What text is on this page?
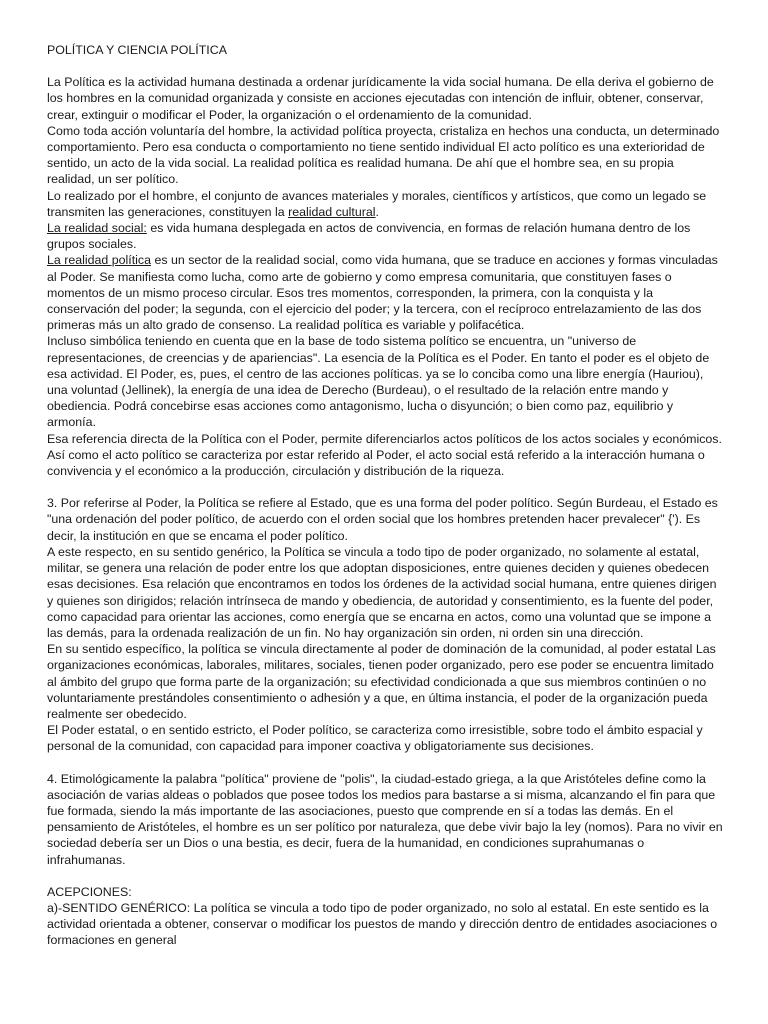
POLÍTICA Y CIENCIA POLÍTICA

La Política es la actividad humana destinada a ordenar jurídicamente la vida social humana. De ella deriva el gobierno de los hombres en la comunidad organizada y consiste en acciones ejecutadas con intención de influir, obtener, conservar, crear, extinguir o modificar el Poder, la organización o el ordenamiento de la comunidad.

Como toda acción voluntaría del hombre, la actividad política proyecta, cristaliza en hechos una conducta, un determinado comportamiento. Pero esa conducta o comportamiento no tiene sentido individual El acto político es una exterioridad de sentido, un acto de la vida social. La realidad política es realidad humana. De ahí que el hombre sea, en su propia realidad, un ser político.

Lo realizado por el hombre, el conjunto de avances materiales y morales, científicos y artísticos, que como un legado se transmiten las generaciones, constituyen la realidad cultural.

La realidad social: es vida humana desplegada en actos de convivencia, en formas de relación humana dentro de los grupos sociales.

La realidad política es un sector de la realidad social, como vida humana, que se traduce en acciones y formas vinculadas al Poder. Se manifiesta como lucha, como arte de gobierno y como empresa comunitaria, que constituyen fases o momentos de un mismo proceso circular. Esos tres momentos, corresponden, la primera, con la conquista y la conservación del poder; la segunda, con el ejercicio del poder; y la tercera, con el recíproco entrelazamiento de las dos primeras más un alto grado de consenso. La realidad política es variable y polifacética.

Incluso simbólica teniendo en cuenta que en la base de todo sistema político se encuentra, un "universo de representaciones, de creencias y de apariencias". La esencia de la Política es el Poder. En tanto el poder es el objeto de esa actividad. El Poder, es, pues, el centro de las acciones políticas. ya se lo conciba como una libre energía (Hauriou), una voluntad (Jellinek), la energía de una idea de Derecho (Burdeau), o el resultado de la relación entre mando y obediencia. Podrá concebirse esas acciones como antagonismo, lucha o disyunción; o bien como paz, equilibrio y armonía.

Esa referencia directa de la Política con el Poder, permite diferenciarlos actos políticos de los actos sociales y económicos. Así como el acto político se caracteriza por estar referido al Poder, el acto social está referido a la interacción humana o convivencia y el económico a la producción, circulación y distribución de la riqueza.

3. Por referirse al Poder, la Política se refiere al Estado, que es una forma del poder político. Según Burdeau, el Estado es "una ordenación del poder político, de acuerdo con el orden social que los hombres pretenden hacer prevalecer" {'). Es decir, la institución en que se encama el poder político.

A este respecto, en su sentido genérico, la Política se vincula a todo tipo de poder organizado, no solamente al estatal, militar, se genera una relación de poder entre los que adoptan disposiciones, entre quienes deciden y quienes obedecen esas decisiones. Esa relación que encontramos en todos los órdenes de la actividad social humana, entre quienes dirigen y quienes son dirigidos; relación intrínseca de mando y obediencia, de autoridad y consentimiento, es la fuente del poder, como capacidad para orientar las acciones, como energía que se encarna en actos, como una voluntad que se impone a las demás, para la ordenada realización de un fin. No hay organización sin orden, ni orden sin una dirección.

En su sentido específico, la política se vincula directamente al poder de dominación de la comunidad, al poder estatal Las organizaciones económicas, laborales, militares, sociales, tienen poder organizado, pero ese poder se encuentra limitado al ámbito del grupo que forma parte de la organización; su efectividad condicionada a que sus miembros continúen o no voluntariamente prestándoles consentimiento o adhesión y a que, en última instancia, el poder de la organización pueda realmente ser obedecido.

El Poder estatal, o en sentido estricto, el Poder político, se caracteriza como irresistible, sobre todo el ámbito espacial y personal de la comunidad, con capacidad para imponer coactiva y obligatoriamente sus decisiones.

4. Etimológicamente la palabra "política" proviene de "polis", la ciudad-estado griega, a la que Aristóteles define como la asociación de varias aldeas o poblados que posee todos los medios para bastarse a si misma, alcanzando el fin para que fue formada, siendo la más importante de las asociaciones, puesto que comprende en sí a todas las demás. En el pensamiento de Aristóteles, el hombre es un ser político por naturaleza, que debe vivir bajo la ley (nomos). Para no vivir en sociedad debería ser un Dios o una bestia, es decir, fuera de la humanidad, en condiciones suprahumanas o infrahumanas.

ACEPCIONES:

a)-SENTIDO GENÉRICO: La política se vincula a todo tipo de poder organizado, no solo al estatal. En este sentido es la actividad orientada a obtener, conservar o modificar los puestos de mando y dirección dentro de entidades asociaciones o formaciones en general
